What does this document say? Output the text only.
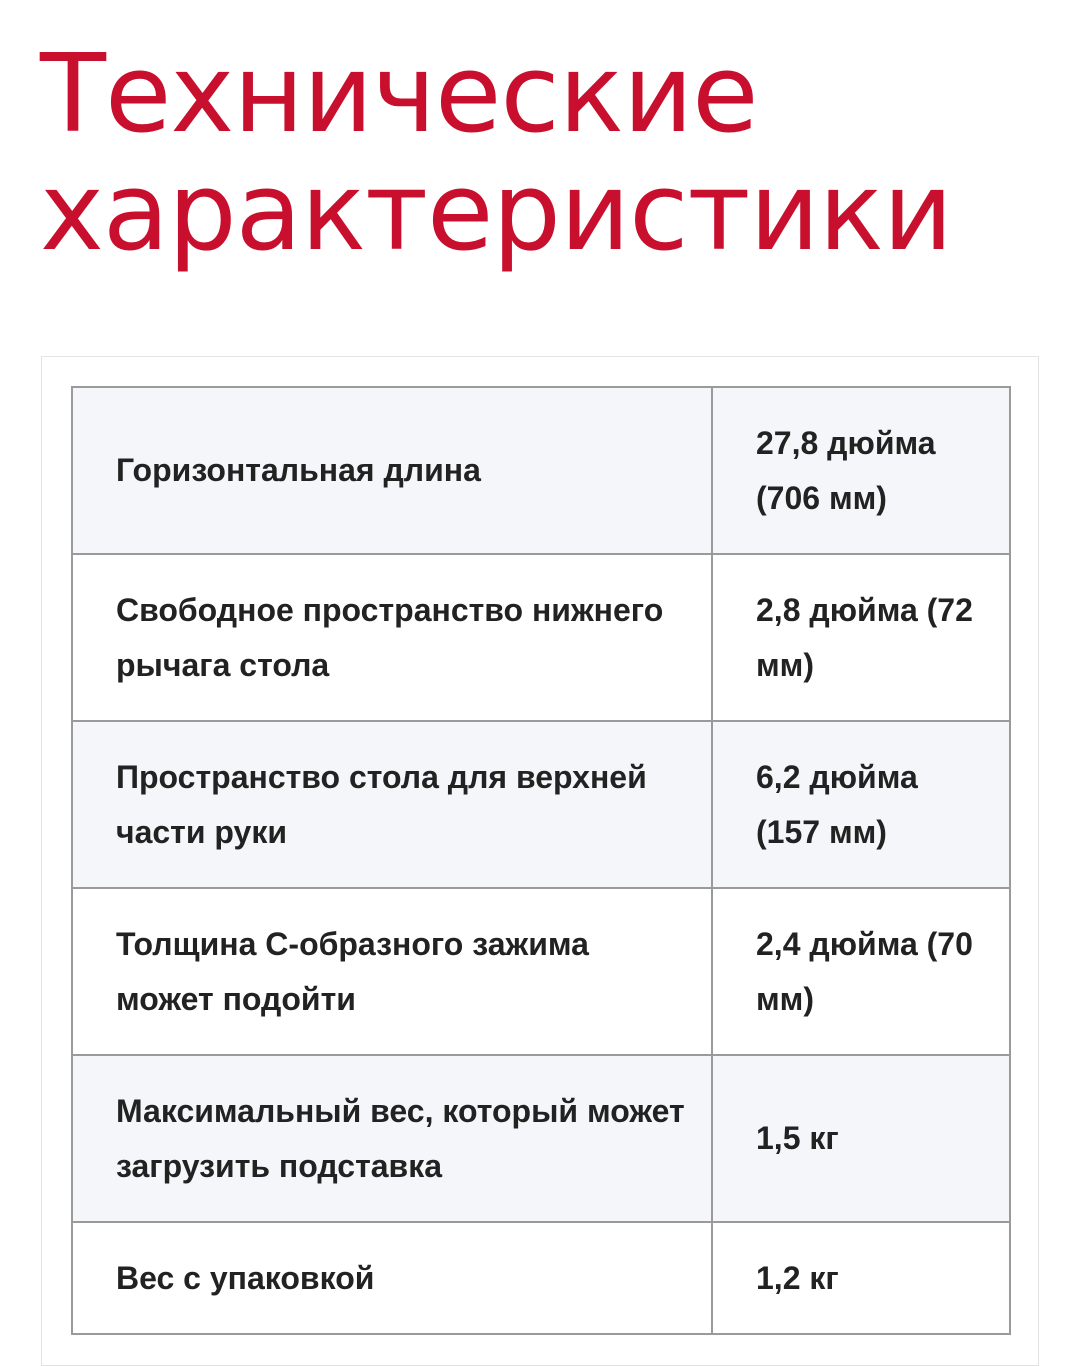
Технические характеристики
Горизонтальная длина	27,8 дюйма (706 мм)
Свободное пространство нижнего рычага стола	2,8 дюйма (72 мм)
Пространство стола для верхней части руки	6,2 дюйма (157 мм)
Толщина C-образного зажима может подойти	2,4 дюйма (70 мм)
Максимальный вес, который может загрузить подставка	1,5 кг
Вес с упаковкой	1,2 кг
